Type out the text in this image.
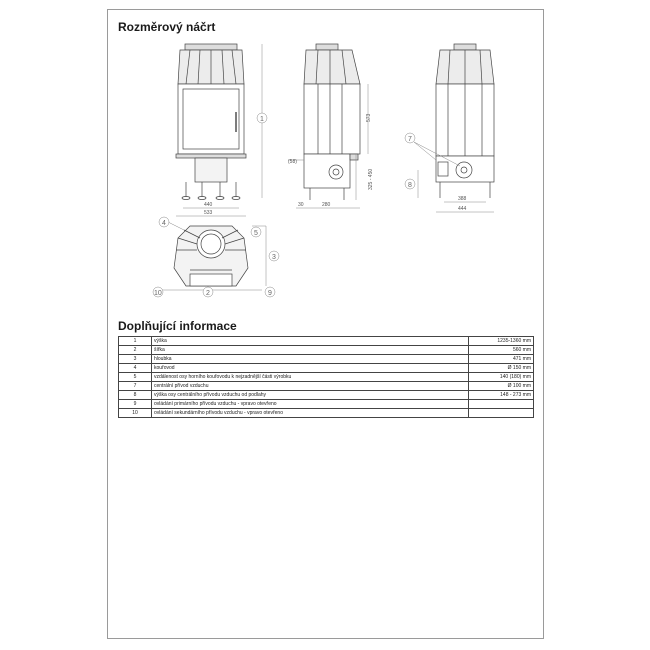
Rozměrový náčrt
440
533
1	573
325 - 450
30	280
(58)
388
444
7
8
4
5
3
10	2	9
Doplňující informace
1	výška	1235-1360 mm
2	šířka	560 mm
3	hloubka	471 mm
4	kouřovod	Ø 150 mm
5	vzdálenost osy horního kouřovodu k nejzadnější části výrobku	140 (180) mm
7	centrální přívod vzduchu	Ø 100 mm
8	výška osy centrálního přívodu vzduchu od podlahy	148 - 273 mm
9	ovládání primárního přívodu vzduchu - vpravo otevřeno	
10	ovládání sekundárního přívodu vzduchu - vpravo otevřeno	
